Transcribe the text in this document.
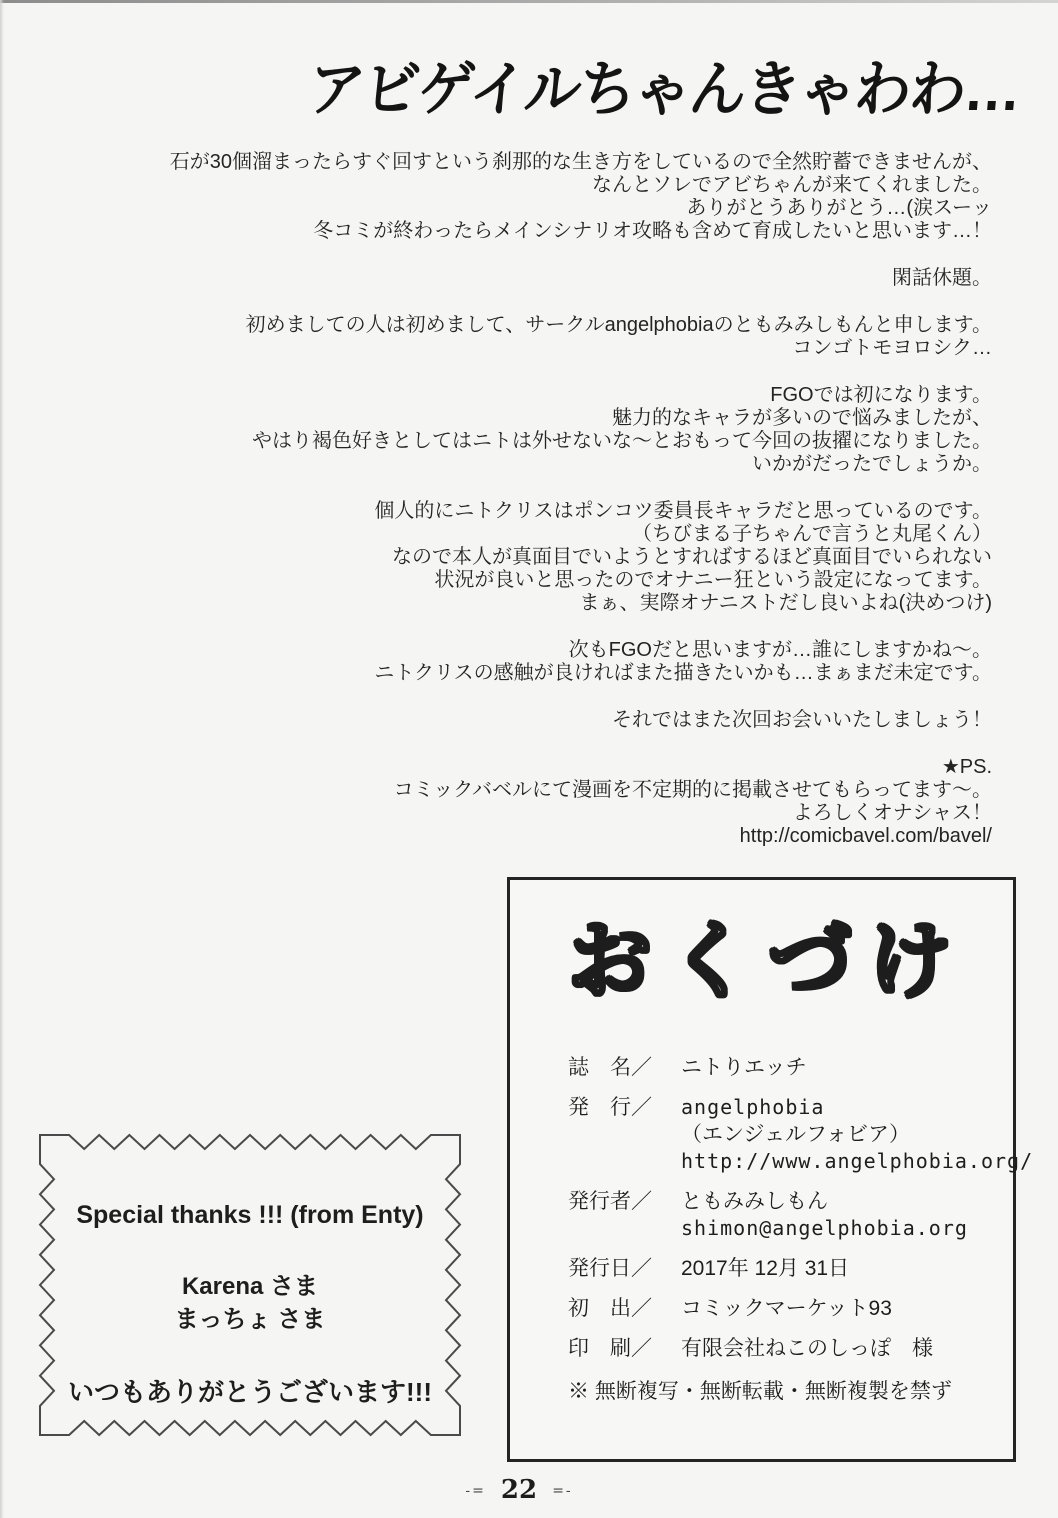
アビゲイルちゃんきゃわわ…

石が30個溜まったらすぐ回すという刹那的な生き方をしているので全然貯蓄できませんが、
なんとソレでアビちゃんが来てくれました。
ありがとうありがとう…(涙スーッ
冬コミが終わったらメインシナリオ攻略も含めて育成したいと思います…！

閑話休題。

初めましての人は初めまして、サークルangelphobiaのともみみしもんと申します。
コンゴトモヨロシク…

FGOでは初になります。
魅力的なキャラが多いので悩みましたが、
やはり褐色好きとしてはニトは外せないな～とおもって今回の抜擢になりました。
いかがだったでしょうか。

個人的にニトクリスはポンコツ委員長キャラだと思っているのです。
（ちびまる子ちゃんで言うと丸尾くん）
なので本人が真面目でいようとすればするほど真面目でいられない
状況が良いと思ったのでオナニー狂という設定になってます。
まぁ、実際オナニストだし良いよね(決めつけ)

次もFGOだと思いますが…誰にしますかね～。
ニトクリスの感触が良ければまた描きたいかも…まぁまだ未定です。

それではまた次回お会いいたしましょう！

★PS.
コミックバベルにて漫画を不定期的に掲載させてもらってます～。
よろしくオナシャス！
http://comicbavel.com/bavel/

おくづけ
誌　名／	ニトりエッチ
発　行／	angelphobia
（エンジェルフォビア）
http://www.angelphobia.org/
発行者／	ともみみしもん
shimon@angelphobia.org
発行日／	2017年 12月 31日
初　出／	コミックマーケット93
印　刷／	有限会社ねこのしっぽ　様
※ 無断複写・無断転載・無断複製を禁ず
Special thanks !!! (from Enty)
Karena さま
まっちょ さま
いつもありがとうございます!!!
-= 22 =-
